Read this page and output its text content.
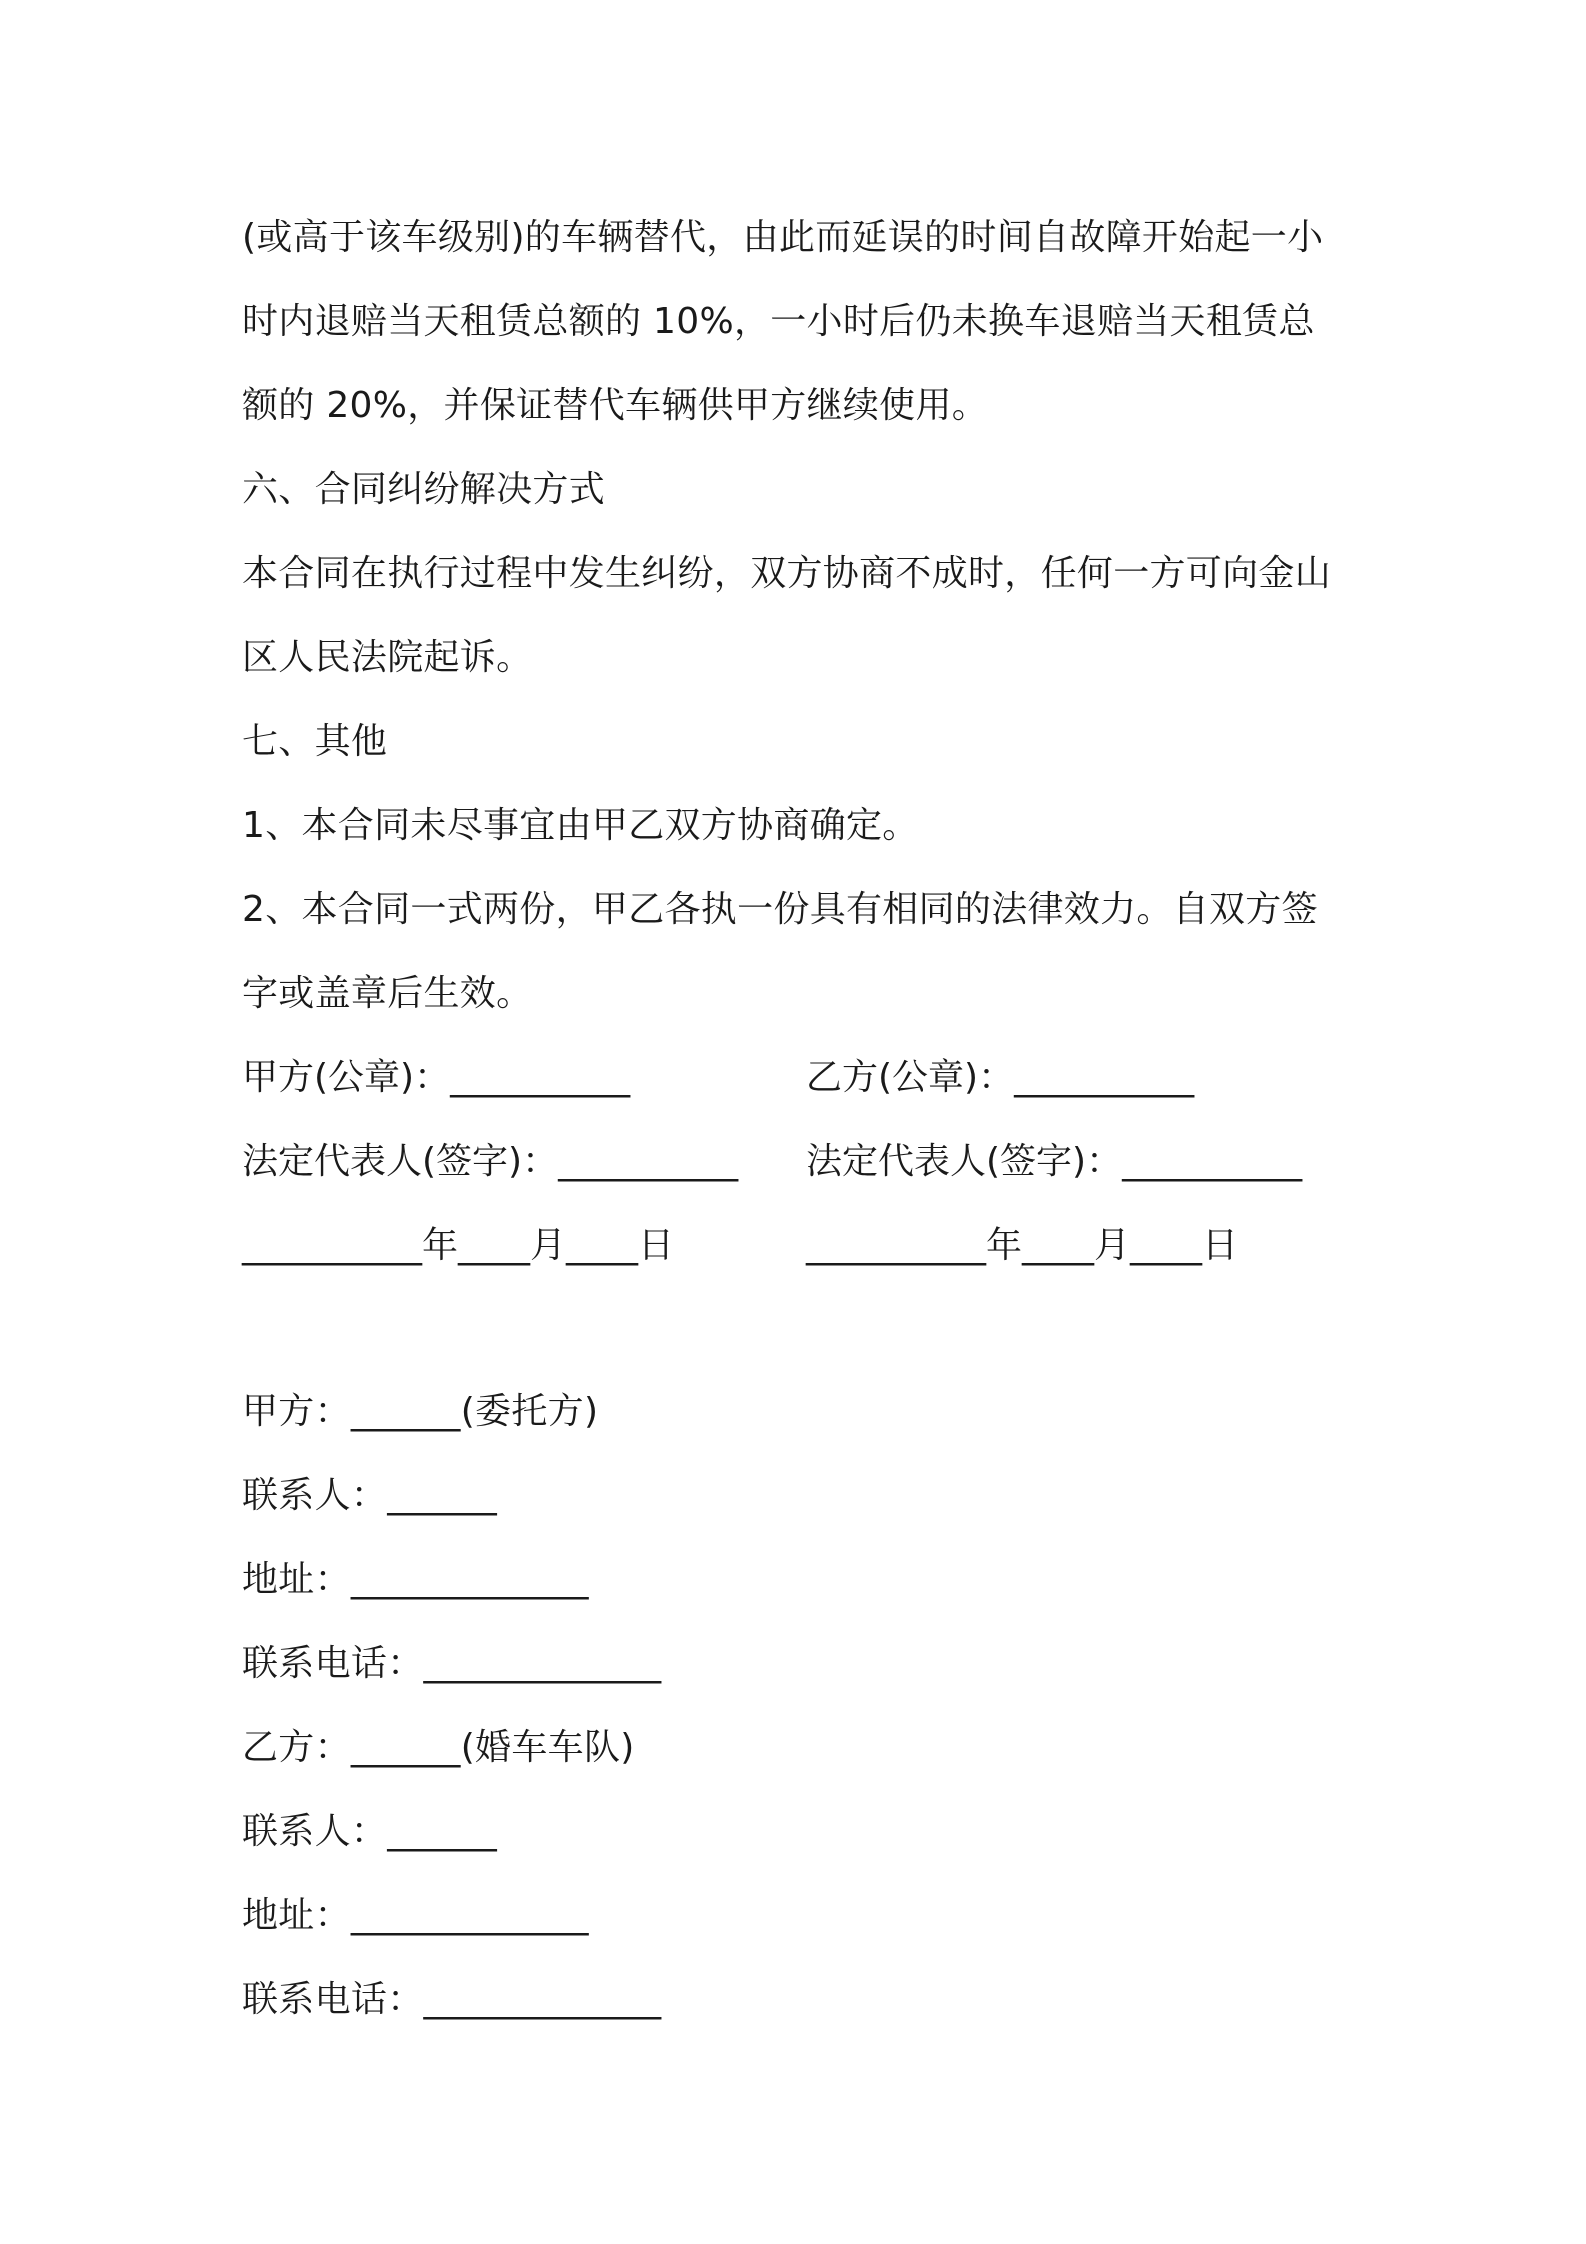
(或高于该车级别)的车辆替代，由此而延误的时间自故障开始起一小
时内退赔当天租赁总额的 10%，一小时后仍未换车退赔当天租赁总
额的 20%，并保证替代车辆供甲方继续使用。
六、合同纠纷解决方式
本合同在执行过程中发生纠纷，双方协商不成时，任何一方可向金山
区人民法院起诉。
七、其他
1、本合同未尽事宜由甲乙双方协商确定。
2、本合同一式两份，甲乙各执一份具有相同的法律效力。自双方签
字或盖章后生效。
甲方(公章)：__________	乙方(公章)：__________
法定代表人(签字)：__________ 法定代表人(签字)：__________
__________年____月____日	__________年____月____日
甲方：______(委托方)
联系人：______
地址：_____________
联系电话：_____________
乙方：______(婚车车队)
联系人：______
地址：_____________
联系电话：_____________
